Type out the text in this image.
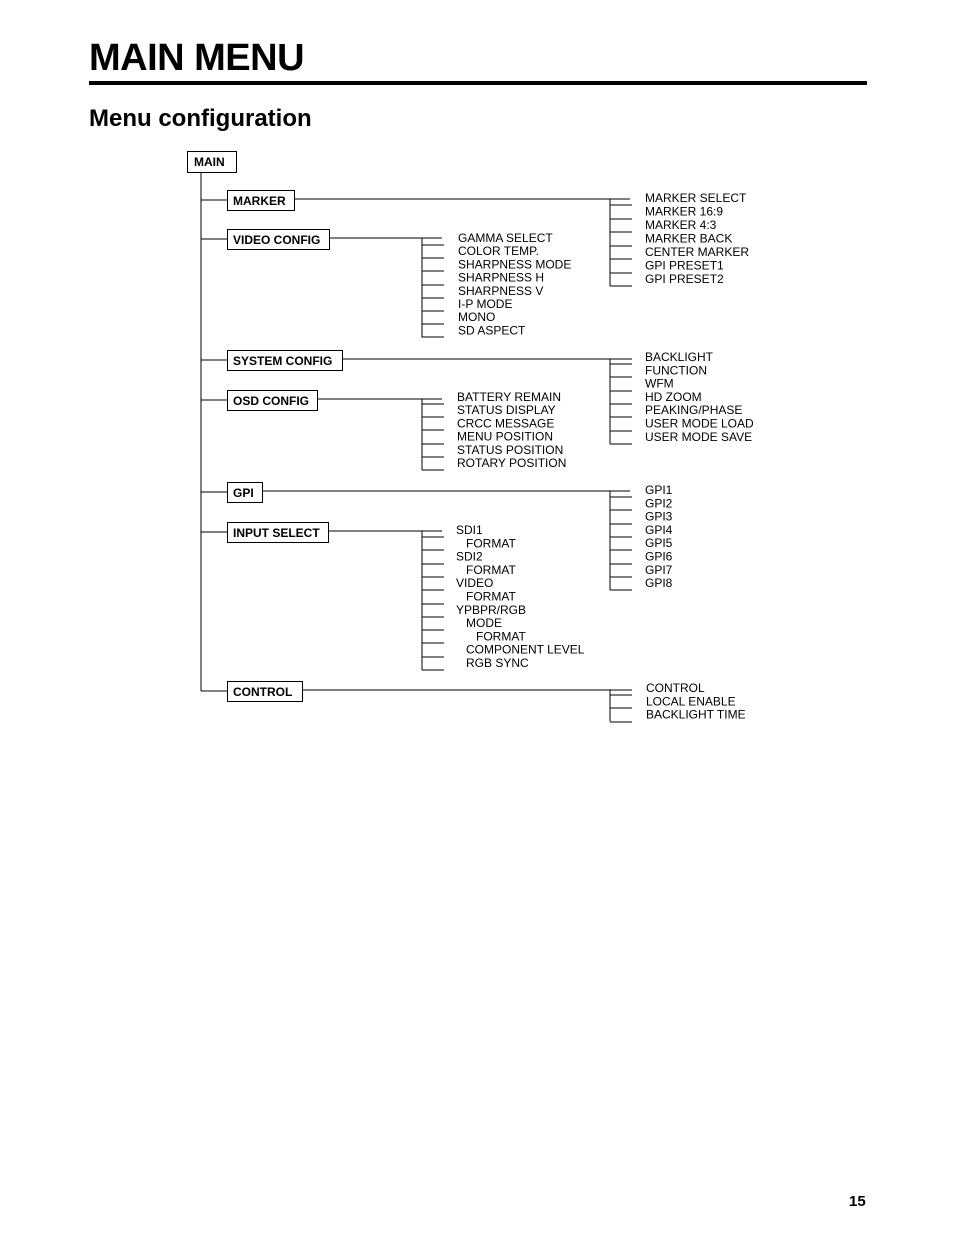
MAIN MENU
Menu configuration
MAIN
MARKER
VIDEO CONFIG
SYSTEM CONFIG
OSD CONFIG
GPI
INPUT SELECT
CONTROL
MARKER SELECT
MARKER 16:9
MARKER 4:3
MARKER BACK
CENTER MARKER
GPI PRESET1
GPI PRESET2
GAMMA SELECT
COLOR TEMP.
SHARPNESS MODE
SHARPNESS H
SHARPNESS V
I-P MODE
MONO
SD ASPECT
BACKLIGHT
FUNCTION
WFM
HD ZOOM
PEAKING/PHASE
USER MODE LOAD
USER MODE SAVE
BATTERY REMAIN
STATUS DISPLAY
CRCC MESSAGE
MENU POSITION
STATUS POSITION
ROTARY POSITION
GPI1
GPI2
GPI3
GPI4
GPI5
GPI6
GPI7
GPI8
SDI1
FORMAT
SDI2
FORMAT
VIDEO
FORMAT
YPBPR/RGB
MODE
FORMAT
COMPONENT LEVEL
RGB SYNC
CONTROL
LOCAL ENABLE
BACKLIGHT TIME
15
